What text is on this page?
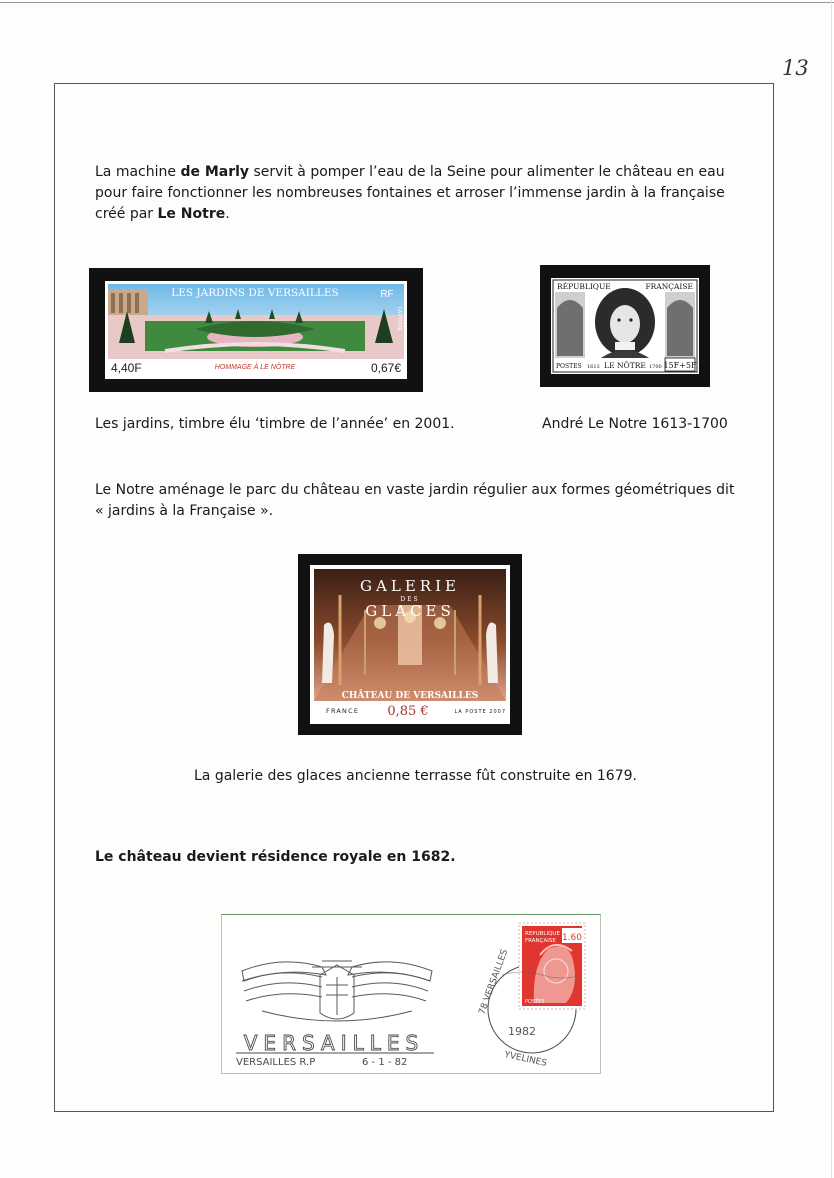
13

La machine de Marly servit à pomper l’eau de la Seine pour alimenter le château en eau pour faire fonctionner les nombreuses fontaines et arroser l’immense jardin à la française créé par Le Notre.

LES JARDINS DE VERSAILLES	RF
LA POSTE
4,40F	HOMMAGE À LE NÔTRE	0,67€
RÉPUBLIQUE	FRANÇAISE
POSTES 1613 LE NÔTRE 1700 15F+5F
Les jardins, timbre élu ‘timbre de l’année’ en 2001.	André Le Notre 1613-1700

Le Notre aménage le parc du château en vaste jardin régulier aux formes géométriques dit « jardins à la Française ».

GALERIE
DES
GLACES
CHÂTEAU DE VERSAILLES
FRANCE 0,85 €	LA POSTE 2007
La galerie des glaces ancienne terrasse fût construite en 1679.
Le château devient résidence royale en 1682.
VERSAILLES
VERSAILLES R.P	6 - 1 - 82
78 VERSAILLES
1982
YVELINES
REPUBLIQUE
FRANÇAISE 1.60
POSTES
